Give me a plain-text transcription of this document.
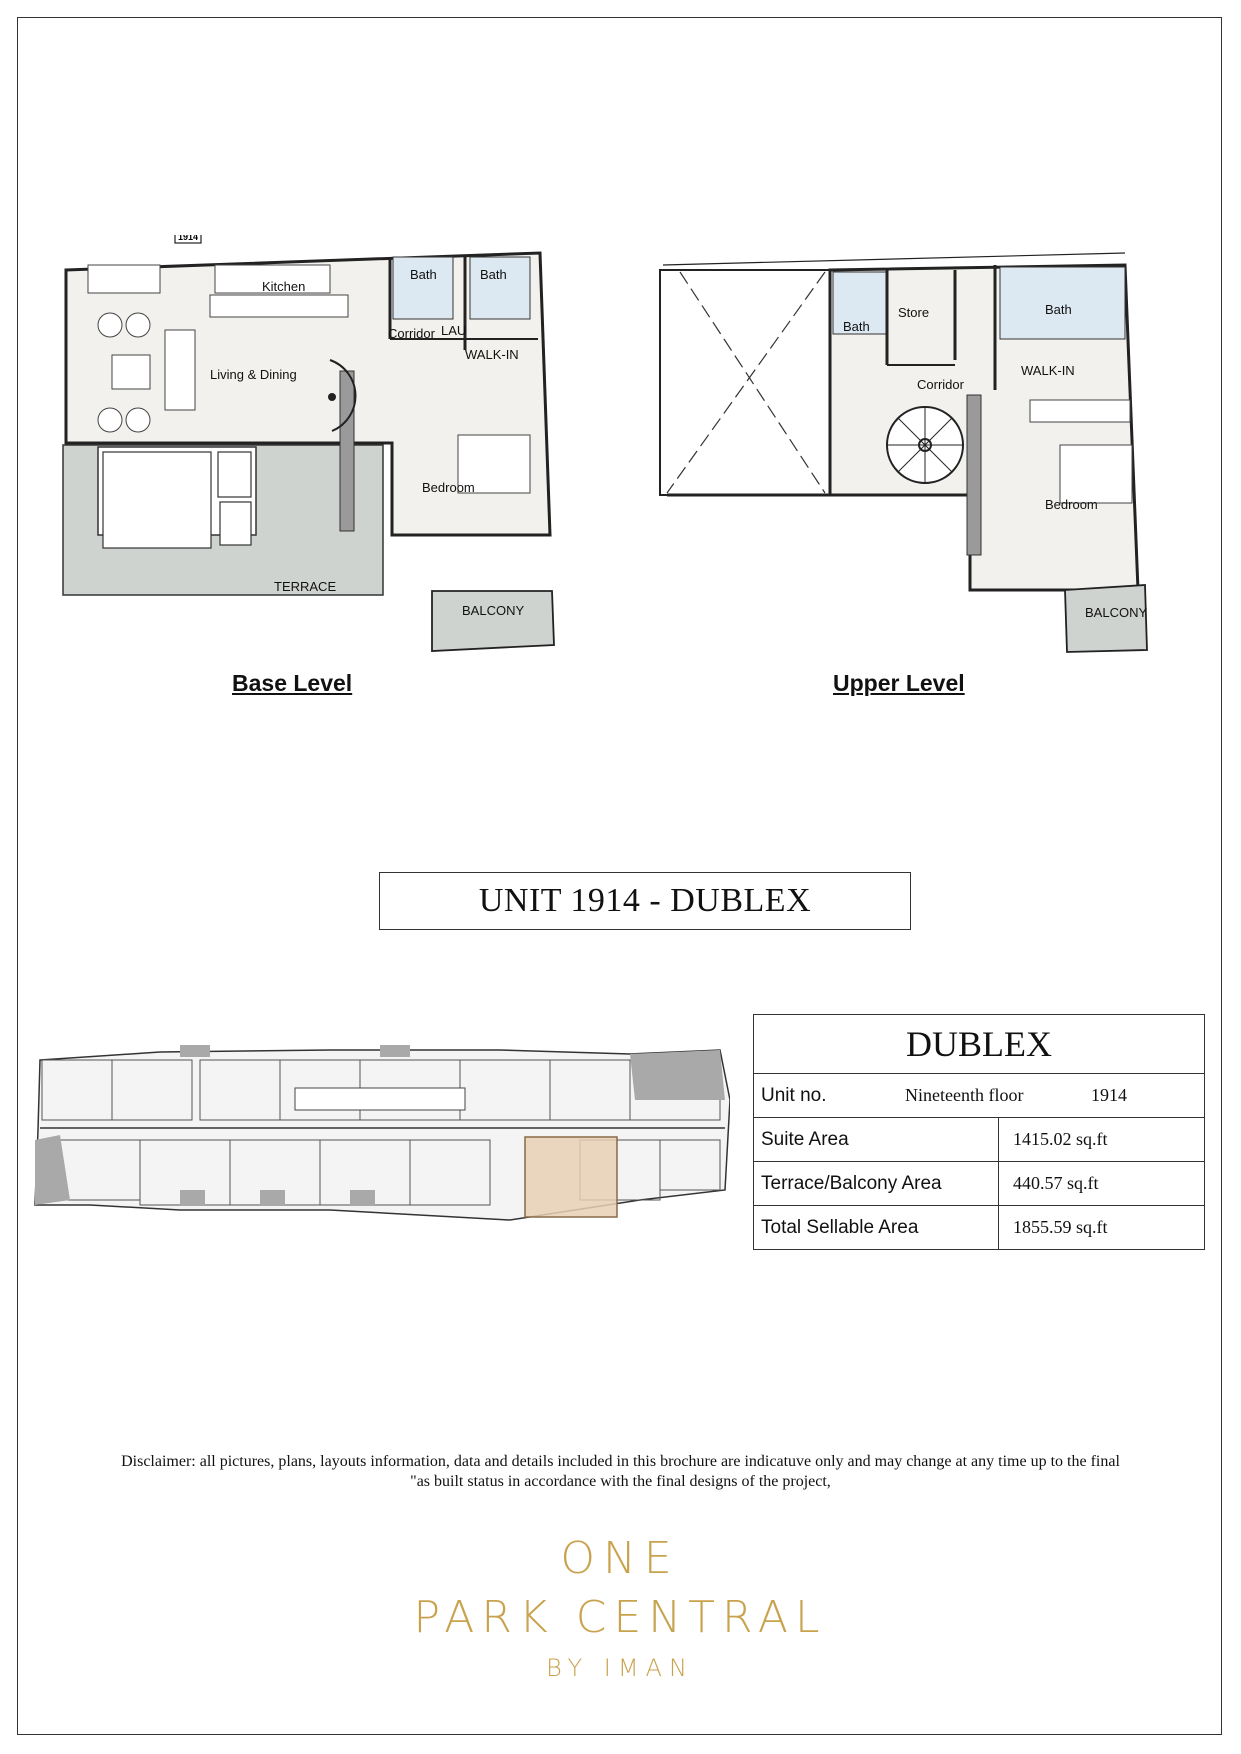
1914
Kitchen
Bath	Bath
Corridor LAU
WALK-IN
Living & Dining
Bedroom
TERRACE
BALCONY
Base Level
Bath
Store	Bath
Corridor
WALK-IN
Bedroom
BALCONY
Upper Level
UNIT 1914 - DUBLEX
DUBLEX	
Unit no. Nineteenth floor 1914	
Suite Area	1415.02 sq.ft
Terrace/Balcony Area	440.57 sq.ft
Total Sellable Area	1855.59 sq.ft
Disclaimer: all pictures, plans, layouts information, data and details included in this brochure are indicatuve only and may change at any time up to the final
"as built status in accordance with the final designs of the project,
ONE
PARK CENTRAL
BY IMAN
